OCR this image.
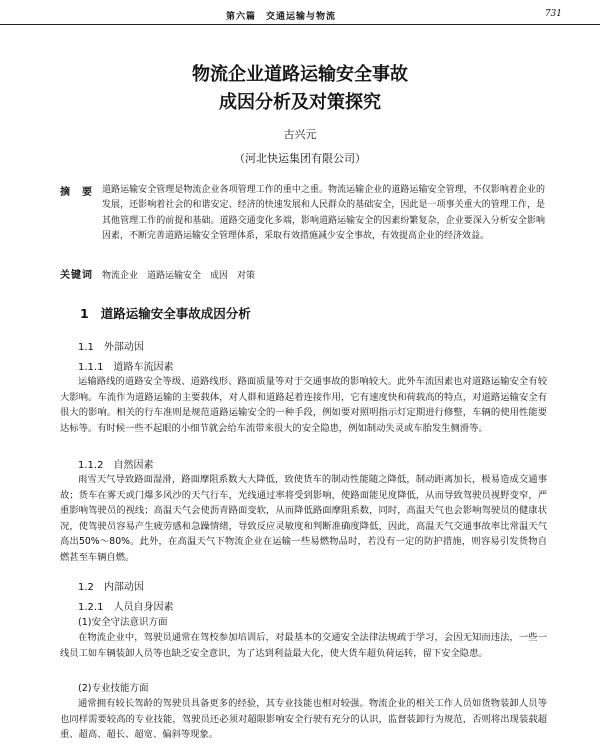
第六篇　交通运输与物流	731
物流企业道路运输安全事故
成因分析及对策探究
古兴元
（河北快运集团有限公司）
摘　要 道路运输安全管理是物流企业各项管理工作的重中之重。物流运输企业的道路运输安全管理，不仅影响着企业的发展，还影响着社会的和谐安定、经济的快速发展和人民群众的基础安全，因此是一项事关重大的管理工作，是其他管理工作的前提和基础。道路交通变化多端，影响道路运输安全的因素纷繁复杂，企业要深入分析安全影响因素，不断完善道路运输安全管理体系，采取有效措施减少安全事故，有效提高企业的经济效益。
关键词 物流企业　道路运输安全　成因　对策
1 道路运输安全事故成因分析
1.1 外部动因
1.1.1 道路车流因素
运输路线的道路安全等级、道路线形、路面质量等对于交通事故的影响较大。此外车流因素也对道路运输安全有较大影响。车流作为道路运输的主要载体，对人群和道路起着连接作用，它有速度快和荷载高的特点，对道路运输安全有很大的影响。相关的行车准则是规范道路运输安全的一种手段，例如要对照明指示灯定期进行修整，车辆的使用性能要达标等。有时候一些不起眼的小细节就会给车流带来很大的安全隐患，例如制动失灵或车胎发生侧滑等。
1.1.2 自然因素
雨雪天气导致路面湿滑，路面摩阻系数大大降低，致使货车的制动性能随之降低，制动距离加长，极易造成交通事故；货车在雾天或门爆多风沙的天气行车，光线通过率将受到影响，使路面能见度降低，从而导致驾驶员视野变窄，严重影响驾驶员的视线；高温天气会使沥青路面变软，从而降低路面摩阻系数，同时，高温天气也会影响驾驶员的健康状况，使驾驶员容易产生疲劳感和急躁情绪，导致反应灵敏度和判断准确度降低，因此，高温天气交通事故率比常温天气高出50%～80%。此外，在高温天气下物流企业在运输一些易燃物品时，若没有一定的防护措施，则容易引发货物自燃甚至车辆自燃。
1.2 内部动因
1.2.1 人员自身因素
(1)安全守法意识方面
在物流企业中，驾驶员通常在驾校参加培训后，对最基本的交通安全法律法规疏于学习，会因无知而违法，一些一线员工如车辆装卸人员等也缺乏安全意识，为了达到利益最大化，使大货车超负荷运转，留下安全隐患。
(2)专业技能方面
通常拥有较长驾龄的驾驶员具备更多的经验，其专业技能也相对较强。物流企业的相关工作人员如货物装卸人员等也同样需要较高的专业技能，驾驶员还必须对超限影响安全行驶有充分的认识，监督装卸行为规范，否则将出现装载超重、超高、超长、超宽、偏斜等现象。
